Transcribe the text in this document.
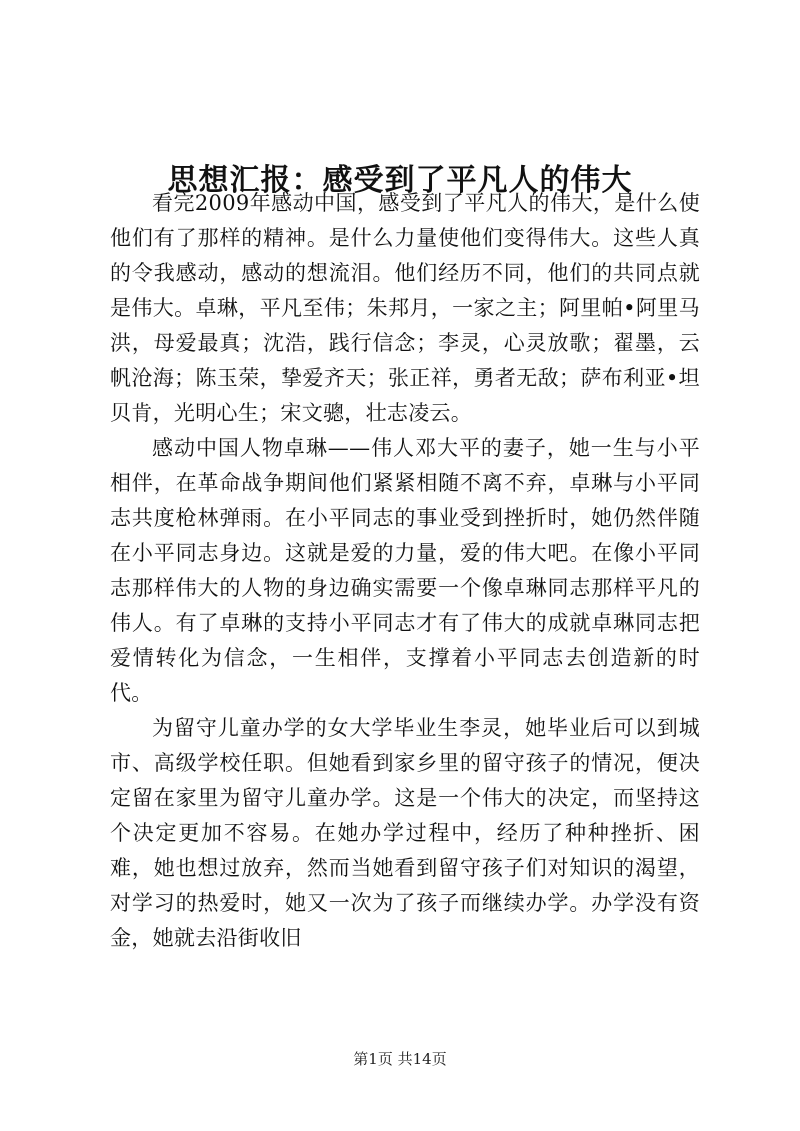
思想汇报：感受到了平凡人的伟大

看完2009年感动中国，感受到了平凡人的伟大，是什么使他们有了那样的精神。是什么力量使他们变得伟大。这些人真的令我感动，感动的想流泪。他们经历不同，他们的共同点就是伟大。卓琳，平凡至伟；朱邦月，一家之主；阿里帕•阿里马洪，母爱最真；沈浩，践行信念；李灵，心灵放歌；翟墨，云帆沧海；陈玉荣，挚爱齐天；张正祥，勇者无敌；萨布利亚•坦贝肯，光明心生；宋文骢，壮志凌云。

感动中国人物卓琳——伟人邓大平的妻子，她一生与小平相伴，在革命战争期间他们紧紧相随不离不弃，卓琳与小平同志共度枪林弹雨。在小平同志的事业受到挫折时，她仍然伴随在小平同志身边。这就是爱的力量，爱的伟大吧。在像小平同志那样伟大的人物的身边确实需要一个像卓琳同志那样平凡的伟人。有了卓琳的支持小平同志才有了伟大的成就卓琳同志把爱情转化为信念，一生相伴，支撑着小平同志去创造新的时代。

为留守儿童办学的女大学毕业生李灵，她毕业后可以到城市、高级学校任职。但她看到家乡里的留守孩子的情况，便决定留在家里为留守儿童办学。这是一个伟大的决定，而坚持这个决定更加不容易。在她办学过程中，经历了种种挫折、困难，她也想过放弃，然而当她看到留守孩子们对知识的渴望，对学习的热爱时，她又一次为了孩子而继续办学。办学没有资金，她就去沿街收旧

第1页 共14页
